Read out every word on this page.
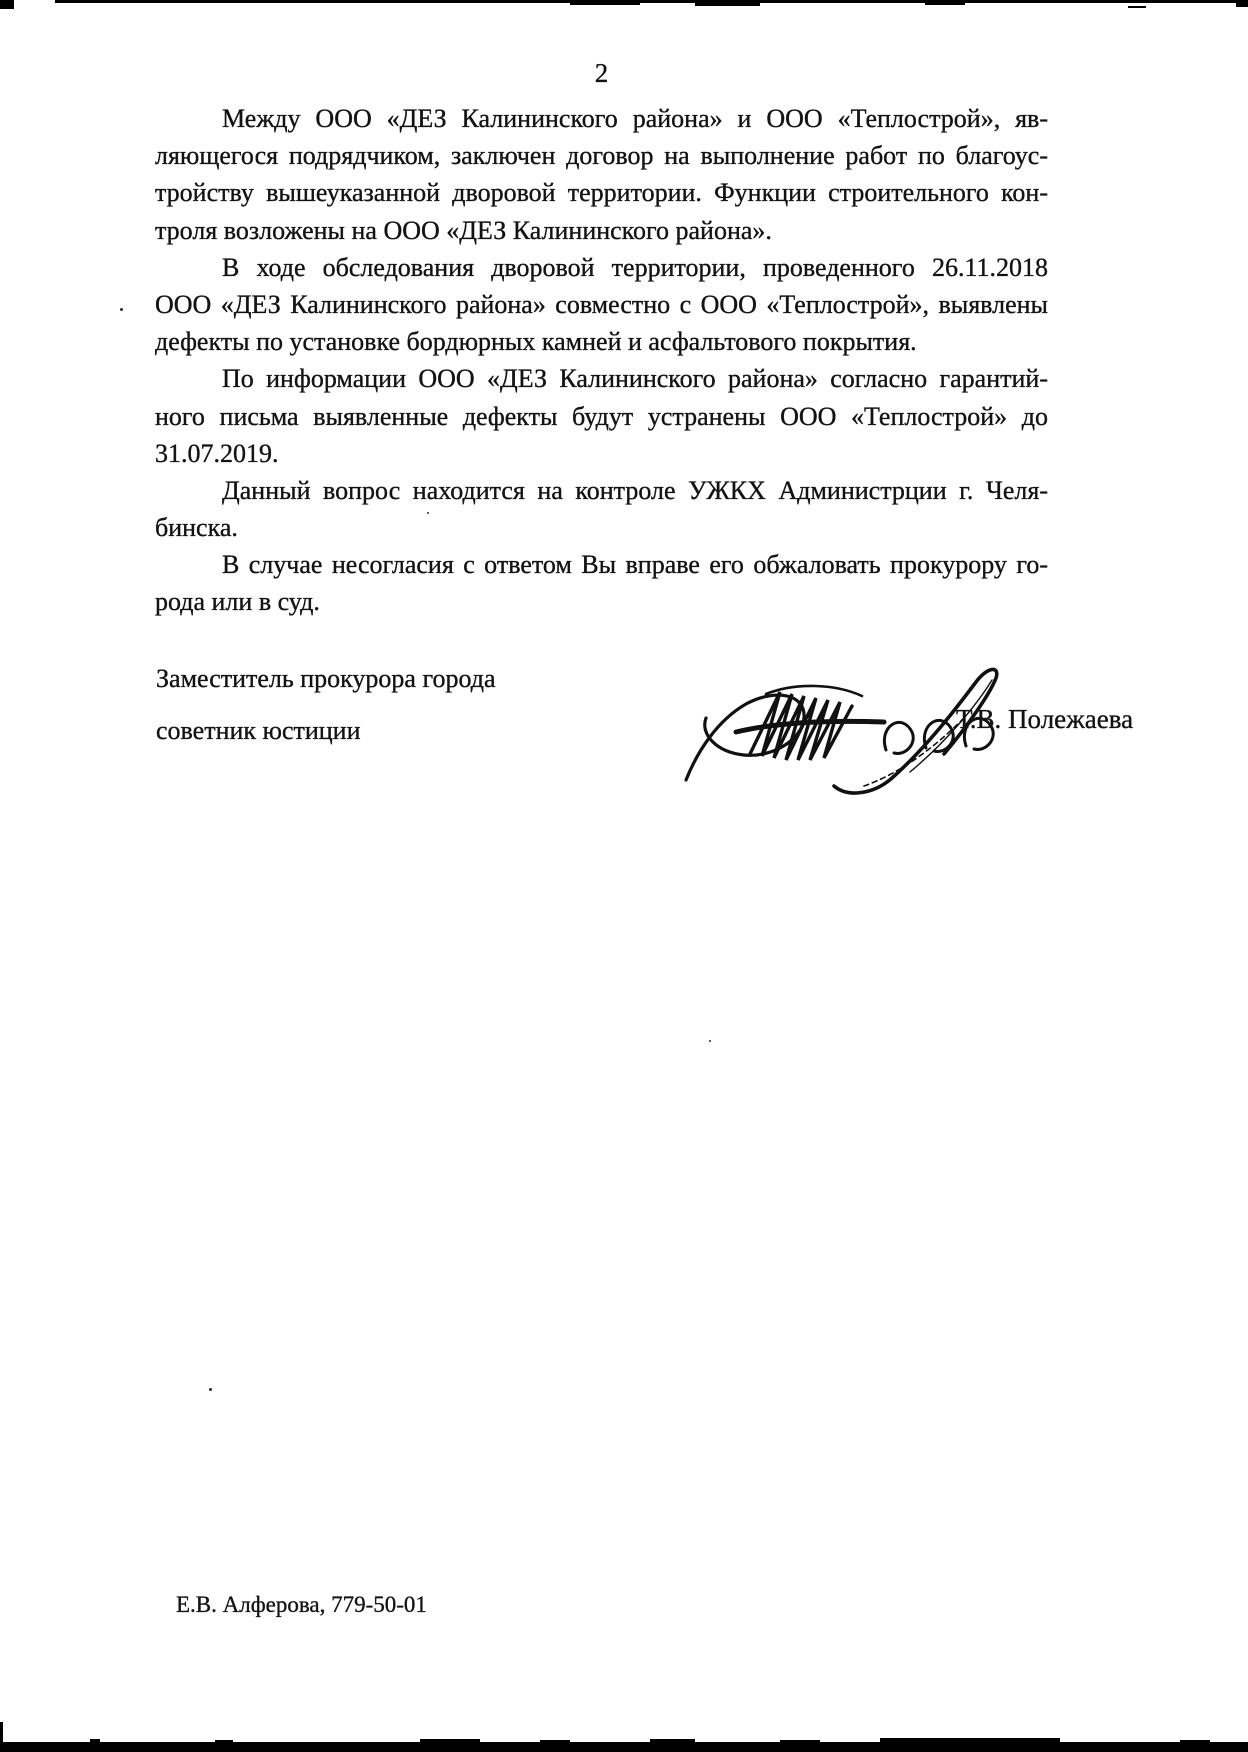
2
Между ООО «ДЕЗ Калининского района» и ООО «Теплострой», яв-
ляющегося подрядчиком, заключен договор на выполнение работ по благоус-
тройству вышеуказанной дворовой территории. Функции строительного кон-
троля возложены на ООО «ДЕЗ Калининского района».
В ходе обследования дворовой территории, проведенного 26.11.2018
ООО «ДЕЗ Калининского района» совместно с ООО «Теплострой», выявлены
дефекты по установке бордюрных камней и асфальтового покрытия.
По информации ООО «ДЕЗ Калининского района» согласно гарантий-
ного письма выявленные дефекты будут устранены ООО «Теплострой» до
31.07.2019.
Данный вопрос находится на контроле УЖКХ Администрции г. Челя-
бинска.
В случае несогласия с ответом Вы вправе его обжаловать прокурору го-
рода или в суд.
Заместитель прокурора города
советник юстиции	Т.В. Полежаева
Е.В. Алферова, 779-50-01
